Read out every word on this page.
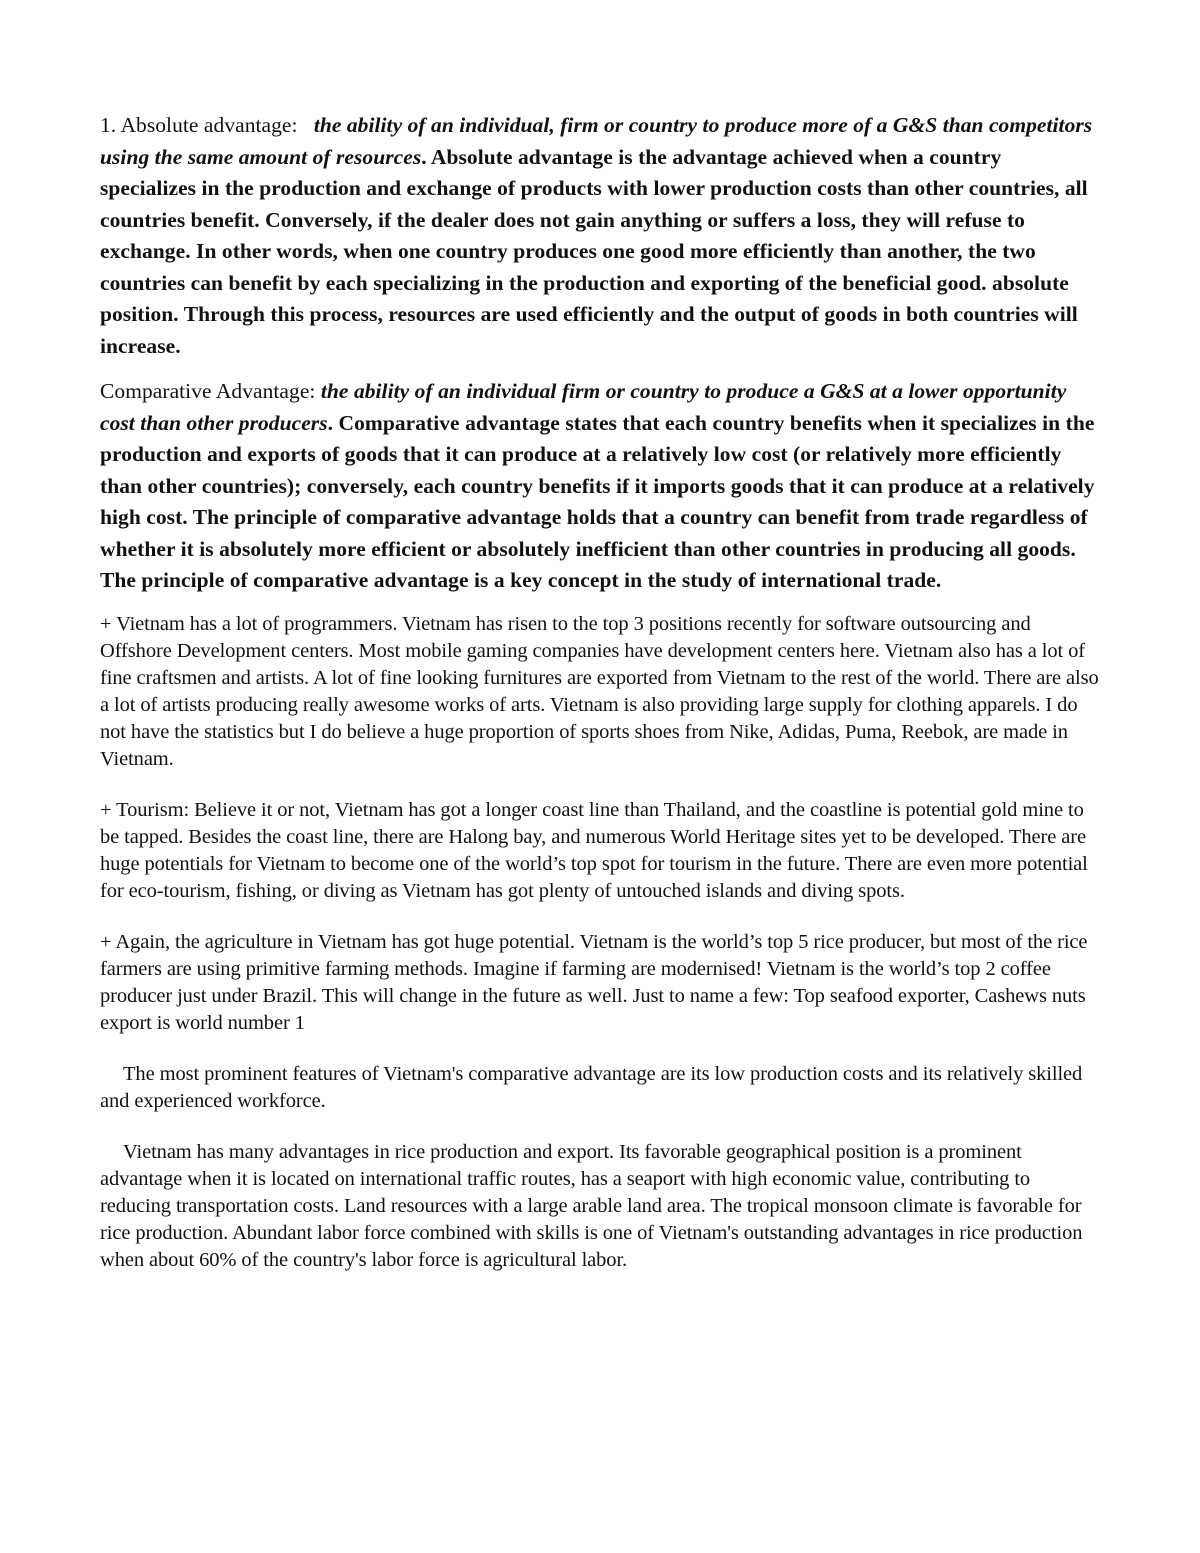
1. Absolute advantage: the ability of an individual, firm or country to produce more of a G&S than competitors using the same amount of resources. Absolute advantage is the advantage achieved when a country specializes in the production and exchange of products with lower production costs than other countries, all countries benefit. Conversely, if the dealer does not gain anything or suffers a loss, they will refuse to exchange. In other words, when one country produces one good more efficiently than another, the two countries can benefit by each specializing in the production and exporting of the beneficial good. absolute position. Through this process, resources are used efficiently and the output of goods in both countries will increase.

Comparative Advantage: the ability of an individual firm or country to produce a G&S at a lower opportunity cost than other producers. Comparative advantage states that each country benefits when it specializes in the production and exports of goods that it can produce at a relatively low cost (or relatively more efficiently than other countries); conversely, each country benefits if it imports goods that it can produce at a relatively high cost. The principle of comparative advantage holds that a country can benefit from trade regardless of whether it is absolutely more efficient or absolutely inefficient than other countries in producing all goods. The principle of comparative advantage is a key concept in the study of international trade.

+ Vietnam has a lot of programmers. Vietnam has risen to the top 3 positions recently for software outsourcing and Offshore Development centers. Most mobile gaming companies have development centers here. Vietnam also has a lot of fine craftsmen and artists. A lot of fine looking furnitures are exported from Vietnam to the rest of the world. There are also a lot of artists producing really awesome works of arts. Vietnam is also providing large supply for clothing apparels. I do not have the statistics but I do believe a huge proportion of sports shoes from Nike, Adidas, Puma, Reebok, are made in Vietnam.

+ Tourism: Believe it or not, Vietnam has got a longer coast line than Thailand, and the coastline is potential gold mine to be tapped. Besides the coast line, there are Halong bay, and numerous World Heritage sites yet to be developed. There are huge potentials for Vietnam to become one of the world’s top spot for tourism in the future. There are even more potential for eco-tourism, fishing, or diving as Vietnam has got plenty of untouched islands and diving spots.

+ Again, the agriculture in Vietnam has got huge potential. Vietnam is the world’s top 5 rice producer, but most of the rice farmers are using primitive farming methods. Imagine if farming are modernised! Vietnam is the world’s top 2 coffee producer just under Brazil. This will change in the future as well. Just to name a few: Top seafood exporter, Cashews nuts export is world number 1

The most prominent features of Vietnam's comparative advantage are its low production costs and its relatively skilled and experienced workforce.

Vietnam has many advantages in rice production and export. Its favorable geographical position is a prominent advantage when it is located on international traffic routes, has a seaport with high economic value, contributing to reducing transportation costs. Land resources with a large arable land area. The tropical monsoon climate is favorable for rice production. Abundant labor force combined with skills is one of Vietnam's outstanding advantages in rice production when about 60% of the country's labor force is agricultural labor.
